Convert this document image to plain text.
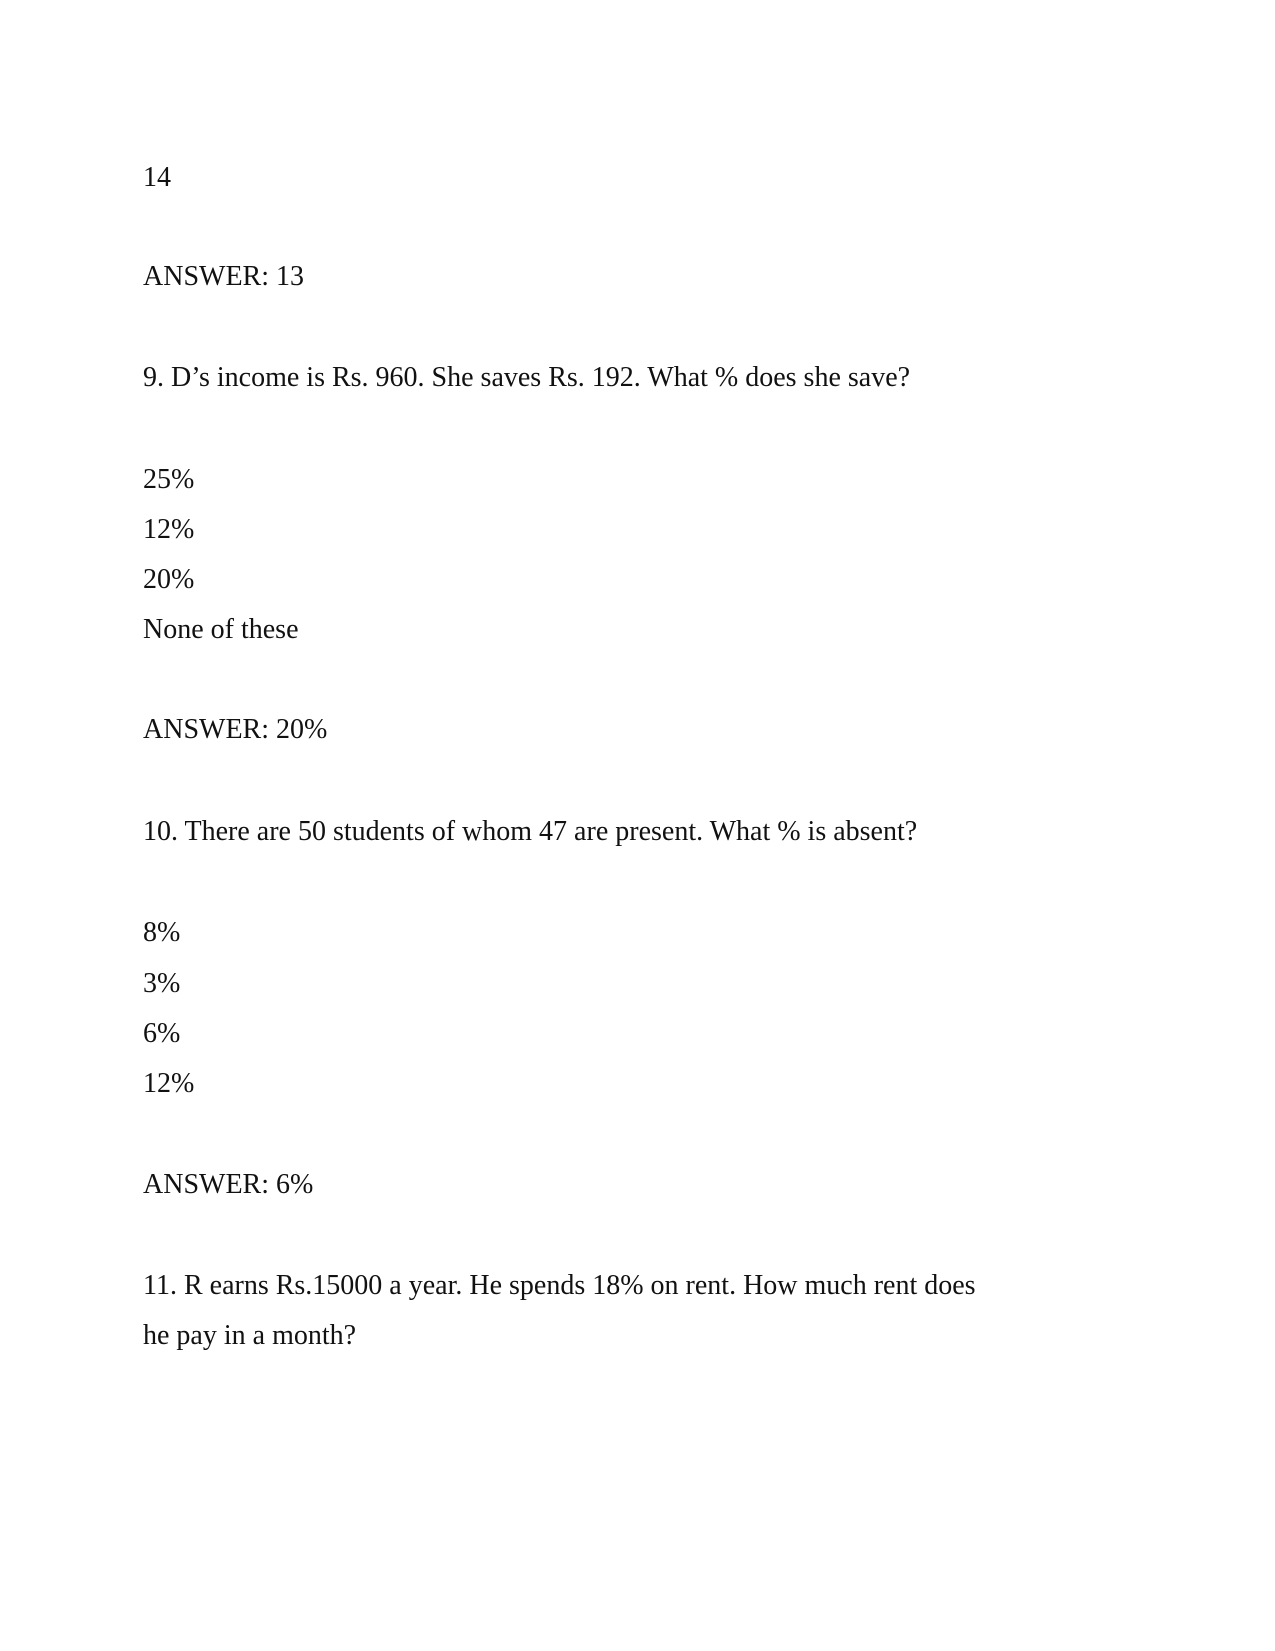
14
ANSWER: 13
9. D’s income is Rs. 960. She saves Rs. 192. What % does she save?
25%
12%
20%
None of these
ANSWER: 20%
10. There are 50 students of whom 47 are present. What % is absent?
8%
3%
6%
12%
ANSWER: 6%
11. R earns Rs.15000 a year. He spends 18% on rent. How much rent does
he pay in a month?
